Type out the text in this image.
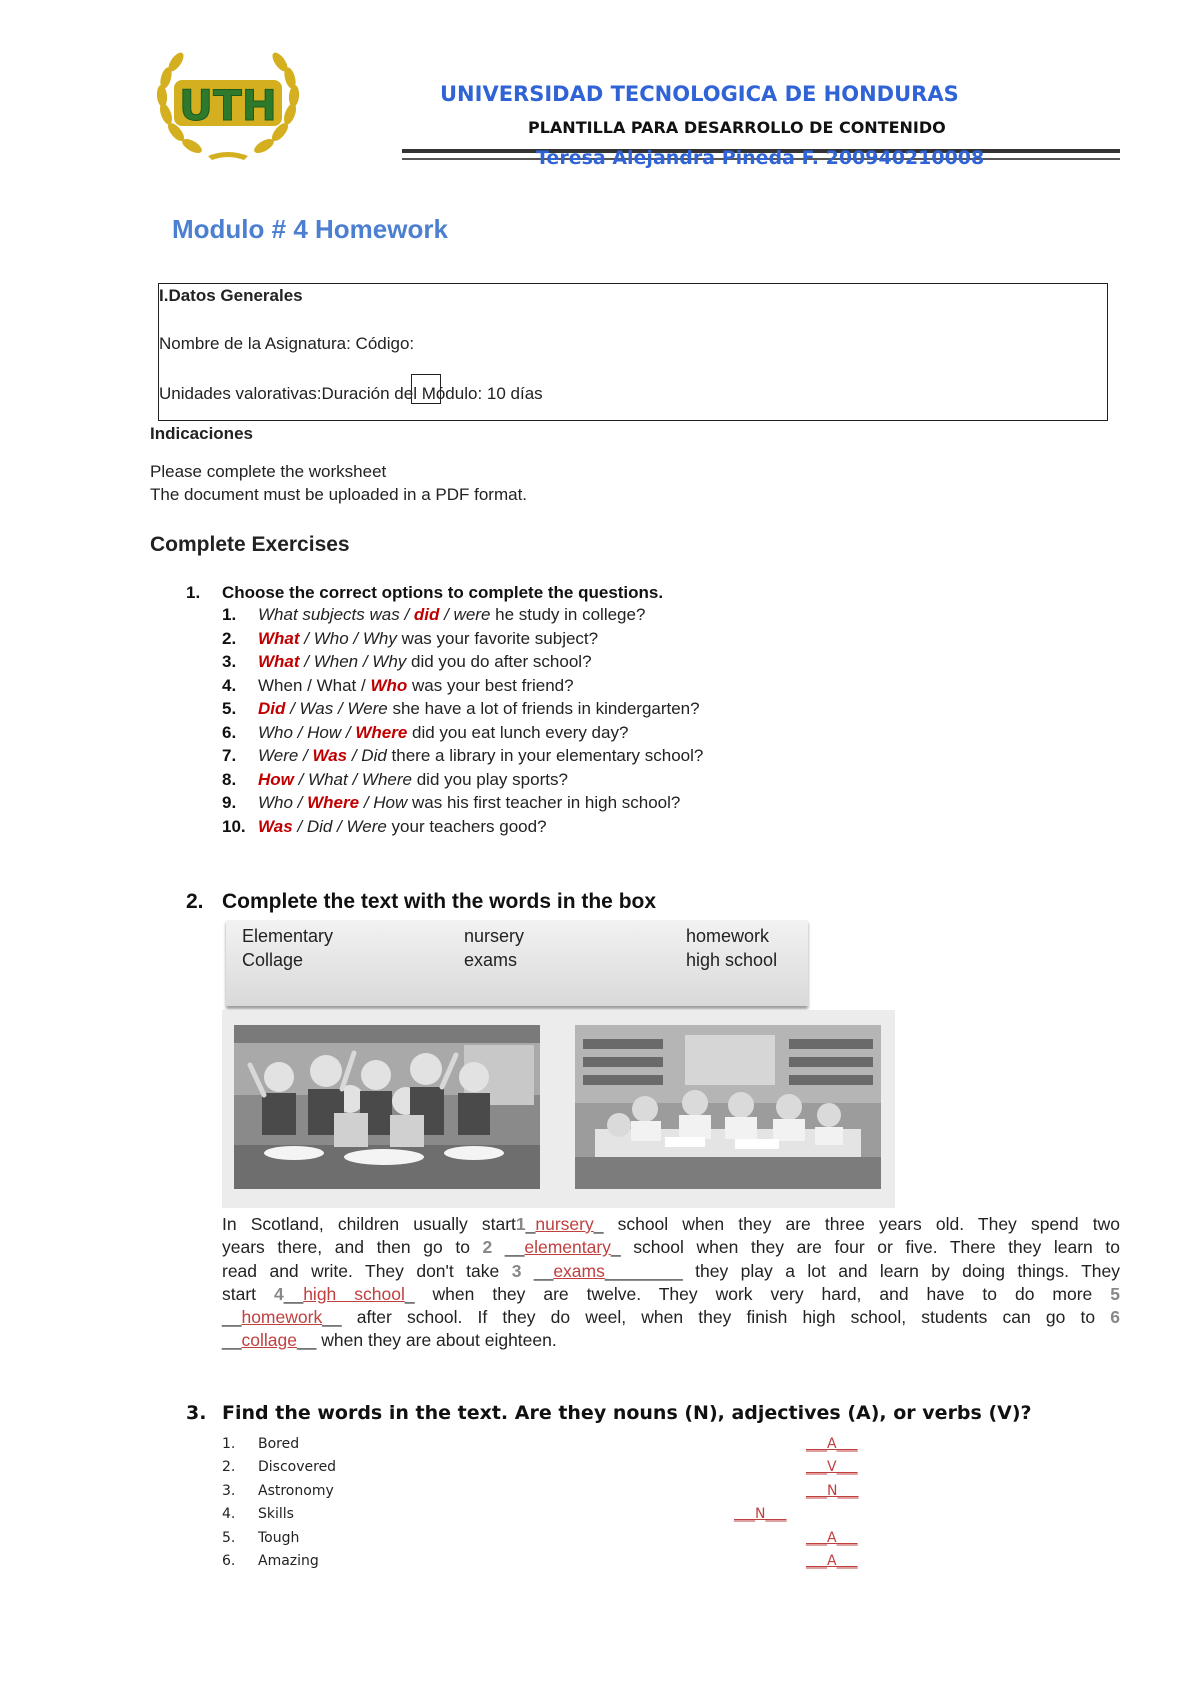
UTH	UNIVERSIDAD TECNOLOGICA DE HONDURAS
PLANTILLA PARA DESARROLLO DE CONTENIDO
Teresa Alejandra Pineda F. 200940210008
Modulo # 4 Homework
I.Datos Generales
Nombre de la Asignatura: Código:
Unidades valorativas:Duración del Módulo: 10 días
Indicaciones
Please complete the worksheet
The document must be uploaded in a PDF format.
Complete Exercises
1. Choose the correct options to complete the questions.
1.	What subjects was / did / were he study in college?
2.	What / Who / Why was your favorite subject?
3.	What / When / Why did you do after school?
4.	When / What / Who was your best friend?
5.	Did / Was / Were she have a lot of friends in kindergarten?
6.	Who / How / Where did you eat lunch every day?
7.	Were / Was / Did there a library in your elementary school?
8.	How / What / Where did you play sports?
9.	Who / Where / How was his first teacher in high school?
10. Was / Did / Were your teachers good?
2. Complete the text with the words in the box
Elementary	nursery	homework
Collage	exams	high school
In Scotland, children usually start1_nursery_ school when they are three years old. They spend two
years there, and then go to 2 __elementary_ school when they are four or five. There they learn to
read and write. They don't take 3 __exams________ they play a lot and learn by doing things. They
start 4__high school_ when they are twelve. They work very hard, and have to do more 5
__homework__ after school. If they do weel, when they finish high school, students can go to 6
__collage__ when they are about eighteen.
3. Find the words in the text. Are they nouns (N), adjectives (A), or verbs (V)?
1. Bored	___A___
2. Discovered	___V___
3. Astronomy	___N___
4. Skills	___N___
5. Tough	___A___
6. Amazing	___A___
